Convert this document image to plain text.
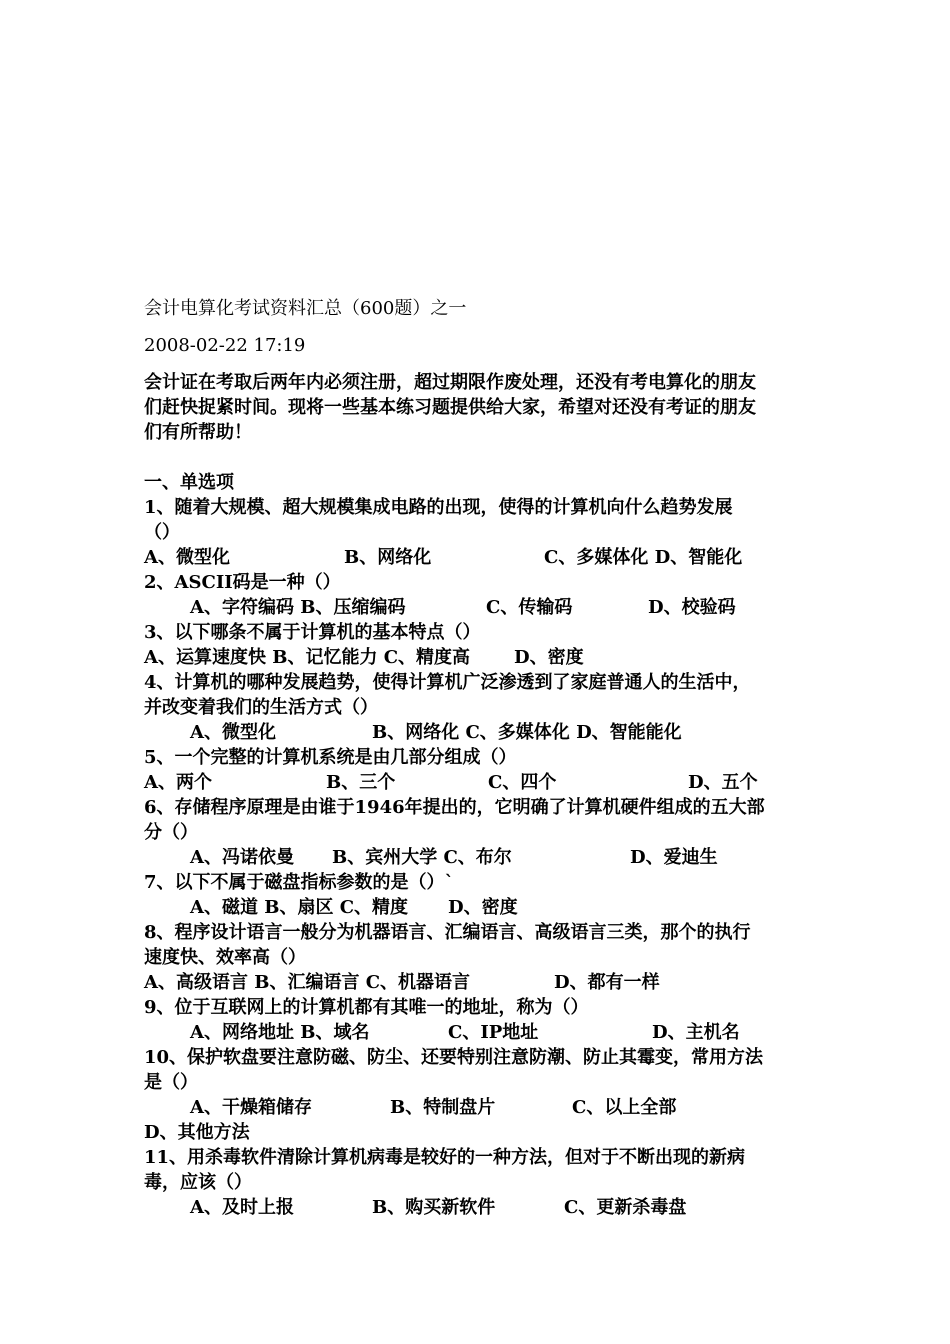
会计电算化考试资料汇总（600题）之一
2008-02-22 17:19
会计证在考取后两年内必须注册，超过期限作废处理，还没有考电算化的朋友
们赶快捉紧时间。现将一些基本练习题提供给大家，希望对还没有考证的朋友
们有所帮助！
一、单选项
1、随着大规模、超大规模集成电路的出现，使得的计算机向什么趋势发展
（）
A、微型化	B、网络化	C、多媒体化 D、智能化
2、ASCII码是一种（）
A、字符编码 B、压缩编码	C、传输码	D、校验码
3、以下哪条不属于计算机的基本特点（）
A、运算速度快 B、记忆能力 C、精度高 D、密度
4、计算机的哪种发展趋势，使得计算机广泛渗透到了家庭普通人的生活中，
并改变着我们的生活方式（）
A、微型化	B、网络化 C、多媒体化 D、智能能化
5、一个完整的计算机系统是由几部分组成（）
A、两个	B、三个	C、四个	D、五个
6、存储程序原理是由谁于1946年提出的，它明确了计算机硬件组成的五大部
分（）
A、冯诺依曼 B、宾州大学 C、布尔	D、爱迪生
7、以下不属于磁盘指标参数的是（）`
A、磁道 B、扇区 C、精度 D、密度
8、程序设计语言一般分为机器语言、汇编语言、高级语言三类，那个的执行
速度快、效率高（）
A、高级语言 B、汇编语言 C、机器语言	D、都有一样
9、位于互联网上的计算机都有其唯一的地址，称为（）
A、网络地址 B、域名	C、IP地址	D、主机名
10、保护软盘要注意防磁、防尘、还要特别注意防潮、防止其霉变，常用方法
是（）
A、干燥箱储存	B、特制盘片	C、以上全部
D、其他方法
11、用杀毒软件清除计算机病毒是较好的一种方法，但对于不断出现的新病
毒，应该（）
A、及时上报	B、购买新软件	C、更新杀毒盘
